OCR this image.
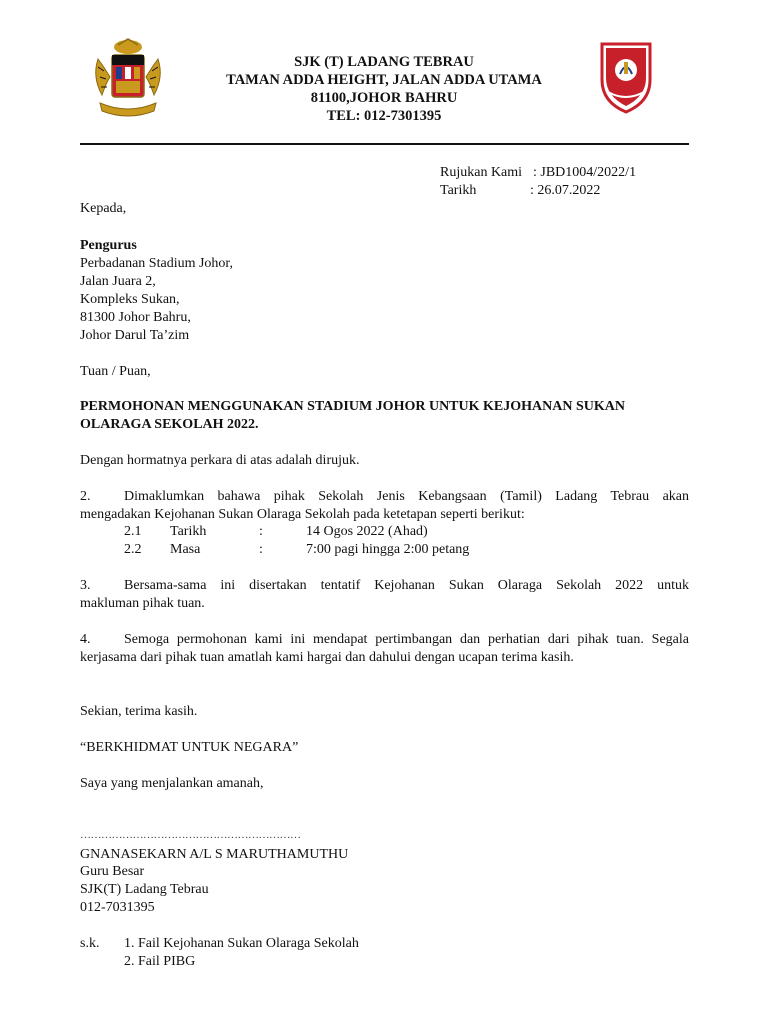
SJK (T) LADANG TEBRAU
TAMAN ADDA HEIGHT, JALAN ADDA UTAMA
81100,JOHOR BAHRU
TEL: 012-7301395
Rujukan Kami : JBD1004/2022/1
Tarikh	: 26.07.2022
Kepada,
Pengurus
Perbadanan Stadium Johor,
Jalan Juara 2,
Kompleks Sukan,
81300 Johor Bahru,
Johor Darul Ta’zim
Tuan / Puan,
PERMOHONAN MENGGUNAKAN STADIUM JOHOR UNTUK KEJOHANAN SUKAN
OLARAGA SEKOLAH 2022.
Dengan hormatnya perkara di atas adalah dirujuk.
2. Dimaklumkan bahawa pihak Sekolah Jenis Kebangsaan (Tamil) Ladang Tebrau akan
mengadakan Kejohanan Sukan Olaraga Sekolah pada ketetapan seperti berikut:
2.1 Tarikh	:	14 Ogos 2022 (Ahad)
2.2 Masa	:	7:00 pagi hingga 2:00 petang
3. Bersama-sama ini disertakan tentatif Kejohanan Sukan Olaraga Sekolah 2022 untuk
makluman pihak tuan.
4. Semoga permohonan kami ini mendapat pertimbangan dan perhatian dari pihak tuan. Segala
kerjasama dari pihak tuan amatlah kami hargai dan dahului dengan ucapan terima kasih.
Sekian, terima kasih.
“BERKHIDMAT UNTUK NEGARA”
Saya yang menjalankan amanah,
………………………………………………………
GNANASEKARN A/L S MARUTHAMUTHU
Guru Besar
SJK(T) Ladang Tebrau
012-7031395
s.k. 1. Fail Kejohanan Sukan Olaraga Sekolah
2. Fail PIBG
